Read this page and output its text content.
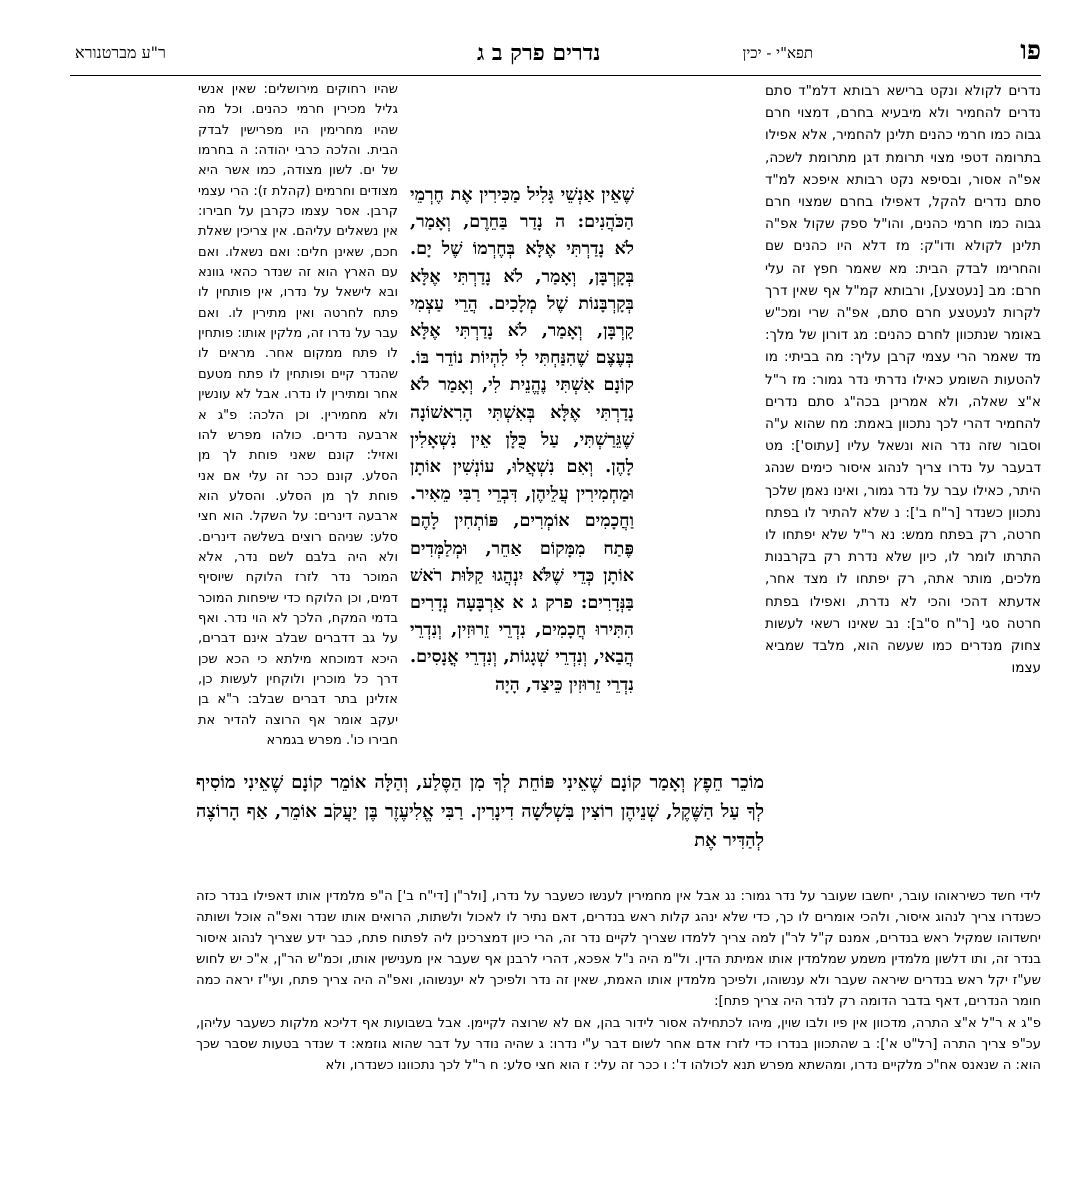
פו
תפא"י - יכין
נדרים פרק ב ג
ר"ע מברטנורא

נדרים לקולא ונקט ברישא רבותא דלמ"ד סתם נדרים להחמיר ולא מיבעיא בחרם, דמצוי חרם גבוה כמו חרמי כהנים תלינן להחמיר, אלא אפילו בתרומה דטפי מצוי תרומת דגן מתרומת לשכה, אפ"ה אסור, ובסיפא נקט רבותא איפכא למ"ד סתם נדרים להקל, דאפילו בחרם שמצוי חרם גבוה כמו חרמי כהנים, והו"ל ספק שקול אפ"ה תלינן לקולא ודו"ק: מז דלא היו כהנים שם והחרימו לבדק הבית: מא שאמר חפץ זה עלי חרם: מב [נעטצע], ורבותא קמ"ל אף שאין דרך לקרות לנעטצע חרם סתם, אפ"ה שרי ומכ"ש באומר שנתכוון לחרם כהנים: מג דורון של מלך: מד שאמר הרי עצמי קרבן עליך: מה בביתי: מו להטעות השומע כאילו נדרתי נדר גמור: מז ר"ל א"צ שאלה, ולא אמרינן בכה"ג סתם נדרים להחמיר דהרי לכך נתכוון באמת: מח שהוא ע"ה וסבור שזה נדר הוא ונשאל עליו [עתוס']: מט דבעבר על נדרו צריך לנהוג איסור כימים שנהג היתר, כאילו עבר על נדר גמור, ואינו נאמן שלכך נתכוון כשנדר [ר"ח ב']: נ שלא להתיר לו בפתח חרטה, רק בפתח ממש: נא ר"ל שלא יפתחו לו התרתו לומר לו, כיון שלא נדרת רק בקרבנות מלכים, מותר אתה, רק יפתחו לו מצד אחר, אדעתא דהכי והכי לא נדרת, ואפילו בפתח חרטה סגי [ר"ח ס"ב]: נב שאינו רשאי לעשות צחוק מנדרים כמו שעשה הוא, מלבד שמביא עצמו

שהיו רחוקים מירושלים: שאין אנשי גליל מכירין חרמי כהנים. וכל מה שהיו מחרימין היו מפרישין לבדק הבית. והלכה כרבי יהודה: ה בחרמו של ים. לשון מצודה, כמו אשר היא מצודים וחרמים (קהלת ז): הרי עצמי קרבן. אסר עצמו כקרבן על חבירו: אין נשאלים עליהם. אין צריכין שאלת חכם, שאינן חלים: ואם נשאלו. ואם עם הארץ הוא זה שנדר כהאי גוונא ובא לישאל על נדרו, אין פותחין לו פתח לחרטה ואין מתירין לו. ואם עבר על נדרו זה, מלקין אותו: פותחין לו פתח ממקום אחר. מראים לו שהנדר קיים ופותחין לו פתח מטעם אחר ומתירין לו נדרו. אבל לא עונשין ולא מחמירין. וכן הלכה: פ"ג א ארבעה נדרים. כולהו מפרש להו ואזיל: קונם שאני פוחת לך מן הסלע. קונם ככר זה עלי אם אני פוחת לך מן הסלע. והסלע הוא ארבעה דינרים: על השקל. הוא חצי סלע: שניהם רוצים בשלשה דינרים. ולא היה בלבם לשם נדר, אלא המוכר נדר לזרז הלוקח שיוסיף דמים, וכן הלוקח כדי שיפחות המוכר בדמי המקח, הלכך לא הוי נדר. ואף על גב דדברים שבלב אינם דברים, היכא דמוכחא מילתא כי הכא שכן דרך כל מוכרין ולוקחין לעשות כן, אזלינן בתר דברים שבלב: ר"א בן יעקב אומר אף הרוצה להדיר את חבירו כו'. מפרש בגמרא

שֶׁאֵין אַנְשֵׁי גָּלִיל מַכִּירִין אֶת חֶרְמֵי הַכֹּהֲנִים: ה נָדַר בַּחֵרֶם, וְאָמַר, לֹא נָדַרְתִּי אֶלָּא בְּחֶרְמוֹ שֶׁל יָם. בְּקָרְבָּן, וְאָמַר, לֹא נָדַרְתִּי אֶלָּא בְּקָרְבָּנוֹת שֶׁל מְלָכִים. הֲרֵי עַצְמִי קָרְבָּן, וְאָמַר, לֹא נָדַרְתִּי אֶלָּא בְּעֶצֶם שֶׁהִנַּחְתִּי לִי לִהְיוֹת נוֹדֵר בּוֹ. קוֹנָם אִשְׁתִּי נֶהֱנֵית לִי, וְאָמַר לֹא נָדַרְתִּי אֶלָּא בְּאִשְׁתִּי הָרִאשׁוֹנָה שֶׁגֵּרַשְׁתִּי, עַל כֻּלָּן אֵין נִשְׁאָלִין לָהֶן. וְאִם נִשְׁאֲלוּ, עוֹנְשִׁין אוֹתָן וּמַחְמִירִין עֲלֵיהֶן, דִּבְרֵי רַבִּי מֵאִיר. וַחֲכָמִים אוֹמְרִים, פּוֹתְחִין לָהֶם פֶּתַח מִמָּקוֹם אַחֵר, וּמְלַמְּדִים אוֹתָן כְּדֵי שֶׁלֹּא יִנְהֲגוּ קַלּוּת רֹאשׁ בַּנְּדָרִים: פרק ג א אַרְבָּעָה נְדָרִים הִתִּירוּ חֲכָמִים, נִדְרֵי זֵרוּזִין, וְנִדְרֵי הֲבַאי, וְנִדְרֵי שְׁגָגוֹת, וְנִדְרֵי אֳנָסִים. נִדְרֵי זֵרוּזִין כֵּיצַד, הָיָה

מוֹכֵר חֵפֶץ וְאָמַר קוֹנָם שֶׁאֵינִי פּוֹחֵת לְךָ מִן הַסֶּלַע, וְהַלָּה אוֹמֵר קוֹנָם שֶׁאֵינִי מוֹסִיף לְךָ עַל הַשֶּׁקֶל, שְׁנֵיהֶן רוֹצִין בִּשְׁלֹשָׁה דִינָרִין. רַבִּי אֱלִיעֶזֶר בֶּן יַעֲקֹב אוֹמֵר, אַף הָרוֹצֶה לְהַדִּיר אֶת

לידי חשד כשיראוהו עובר, יחשבו שעובר על נדר גמור: נג אבל אין מחמירין לענשו כשעבר על נדרו, [ולר"ן [די"ח ב'] ה"פ מלמדין אותו דאפילו בנדר כזה כשנדרו צריך לנהוג איסור, ולהכי אומרים לו כך, כדי שלא ינהג קלות ראש בנדרים, דאם נתיר לו לאכול ולשתות, הרואים אותו שנדר ואפ"ה אוכל ושותה יחשדוהו שמקיל ראש בנדרים, אמנם ק"ל לר"ן למה צריך ללמדו שצריך לקיים נדר זה, הרי כיון דמצרכינן ליה לפתוח פתח, כבר ידע שצריך לנהוג איסור בנדר זה, ותו דלשון מלמדין משמע שמלמדין אותו אמיתת הדין. ול"מ היה נ"ל אפכא, דהרי לרבנן אף שעבר אין מענישין אותו, וכמ"ש הר"ן, א"כ יש לחוש שע"ז יקל ראש בנדרים שיראה שעבר ולא ענשוהו, ולפיכך מלמדין אותו האמת, שאין זה נדר ולפיכך לא יענשוהו, ואפ"ה היה צריך פתח, ועי"ז יראה כמה חומר הנדרים, דאף בדבר הדומה רק לנדר היה צריך פתח]:

פ"ג א ר"ל א"צ התרה, מדכוון אין פיו ולבו שוין, מיהו לכתחילה אסור לידור בהן, אם לא שרוצה לקיימן. אבל בשבועות אף דליכא מלקות כשעבר עליהן, עכ"פ צריך התרה [רל"ט א']: ב שהתכוון בנדרו כדי לזרז אדם אחר לשום דבר ע"י נדרו: ג שהיה נודר על דבר שהוא גוזמא: ד שנדר בטעות שסבר שכך הוא: ה שנאנס אח"כ מלקיים נדרו, ומהשתא מפרש תנא לכולהו ד': ו ככר זה עלי: ז הוא חצי סלע: ח ר"ל לכך נתכוונו כשנדרו, ולא
